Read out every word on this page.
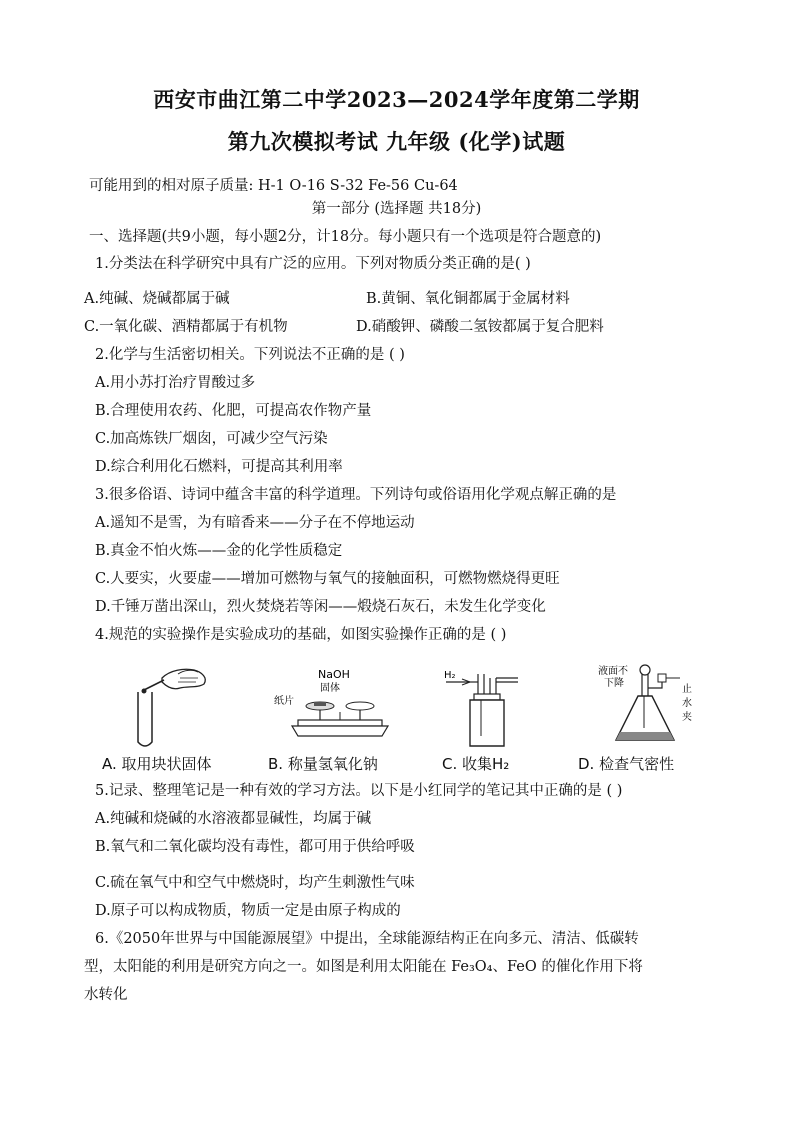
西安市曲江第二中学2023—2024学年度第二学期
第九次模拟考试 九年级 (化学)试题
可能用到的相对原子质量: H-1 O-16 S-32 Fe-56 Cu-64
第一部分 (选择题 共18分)
一、选择题(共9小题，每小题2分，计18分。每小题只有一个选项是符合题意的)
1.分类法在科学研究中具有广泛的应用。下列对物质分类正确的是( )
A.纯碱、烧碱都属于碱	B.黄铜、氧化铜都属于金属材料
C.一氧化碳、酒精都属于有机物	D.硝酸钾、磷酸二氢铵都属于复合肥料
2.化学与生活密切相关。下列说法不正确的是 ( )
A.用小苏打治疗胃酸过多
B.合理使用农药、化肥，可提高农作物产量
C.加高炼铁厂烟囱，可减少空气污染
D.综合利用化石燃料，可提高其利用率
3.很多俗语、诗词中蕴含丰富的科学道理。下列诗句或俗语用化学观点解正确的是
A.遥知不是雪，为有暗香来——分子在不停地运动
B.真金不怕火炼——金的化学性质稳定
C.人要实，火要虚——增加可燃物与氧气的接触面积，可燃物燃烧得更旺
D.千锤万凿出深山，烈火焚烧若等闲——煅烧石灰石，未发生化学变化
4.规范的实验操作是实验成功的基础，如图实验操作正确的是 ( )
NaOH
固体
纸片
H₂	液面不
下降
止
水
夹
A. 取用块状固体	B. 称量氢氧化钠	C. 收集H₂	D. 检查气密性
5.记录、整理笔记是一种有效的学习方法。以下是小红同学的笔记其中正确的是 ( )
A.纯碱和烧碱的水溶液都显碱性，均属于碱
B.氧气和二氧化碳均没有毒性，都可用于供给呼吸
C.硫在氧气中和空气中燃烧时，均产生刺激性气味
D.原子可以构成物质，物质一定是由原子构成的
6.《2050年世界与中国能源展望》中提出，全球能源结构正在向多元、清洁、低碳转
型，太阳能的利用是研究方向之一。如图是利用太阳能在 Fe₃O₄、FeO 的催化作用下将
水转化
